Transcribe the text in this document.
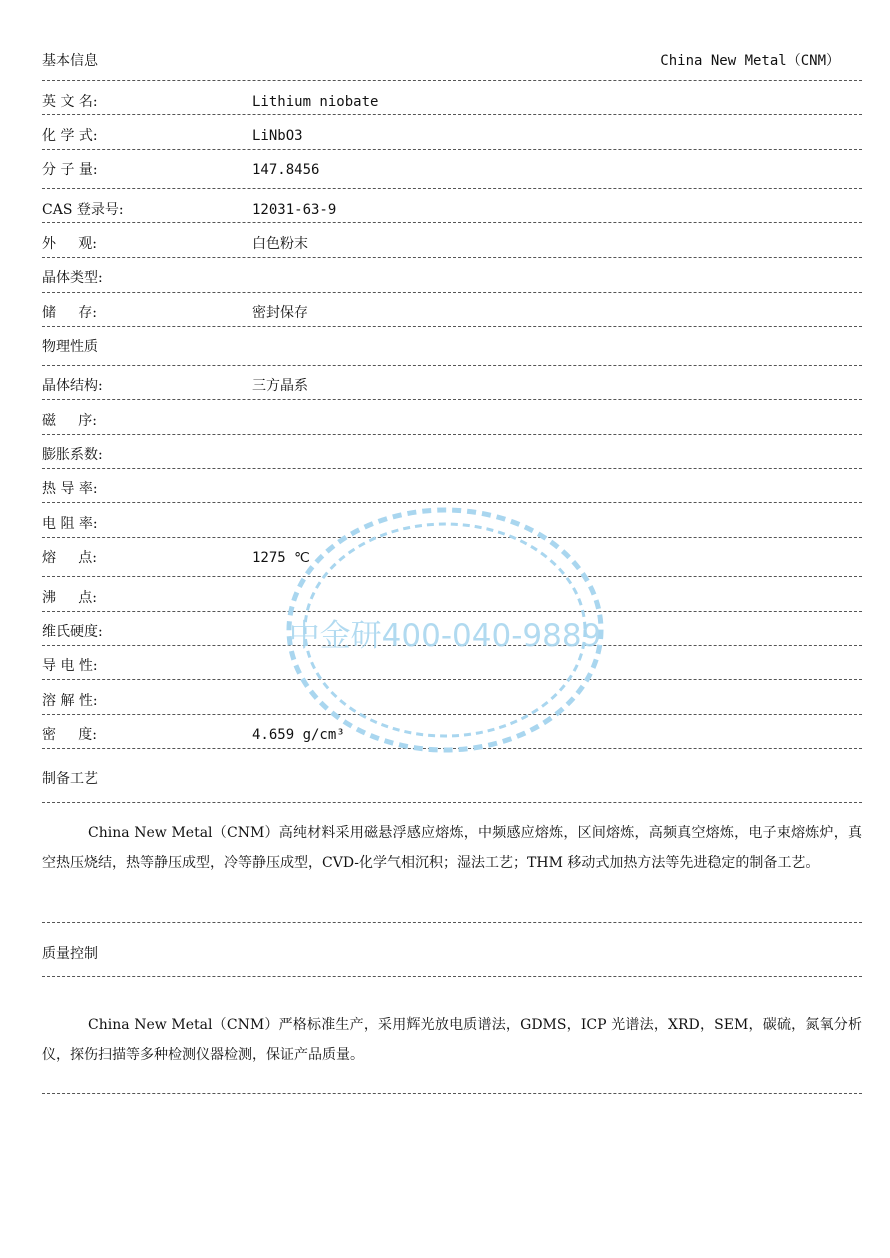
基本信息	China New Metal（CNM）
英 文 名:	Lithium niobate
化 学 式:	LiNbO3
分 子 量:	147.8456
CAS 登录号:	12031-63-9
外     观:	白色粉末
晶体类型:
储     存:	密封保存
物理性质
晶体结构:	三方晶系
磁     序:
膨胀系数:
热 导 率:
电 阻 率:
熔     点:	1275 ℃
沸     点:
维氏硬度:
导 电 性:
溶 解 性:
密     度:	4.659 g/cm³
制备工艺
China New Metal（CNM）高纯材料采用磁悬浮感应熔炼，中频感应熔炼，区间熔炼，高频真空熔炼，电子束熔炼炉，真空热压烧结，热等静压成型，冷等静压成型，CVD-化学气相沉积；湿法工艺；THM 移动式加热方法等先进稳定的制备工艺。
质量控制
China New Metal（CNM）严格标准生产，采用辉光放电质谱法，GDMS，ICP 光谱法，XRD，SEM，碳硫，氮氧分析仪，探伤扫描等多种检测仪器检测，保证产品质量。
中金研400-040-9889
